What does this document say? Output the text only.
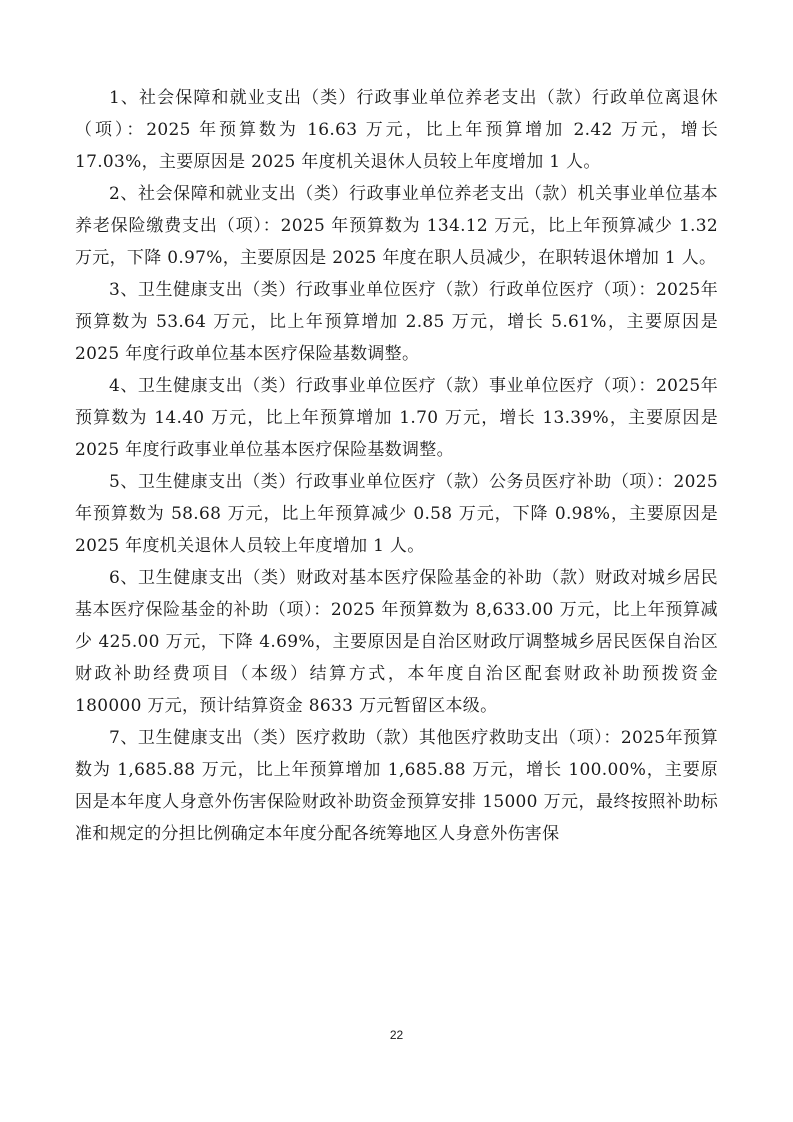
1、社会保障和就业支出（类）行政事业单位养老支出（款）行政单位离退休（项）：2025 年预算数为 16.63 万元，比上年预算增加 2.42 万元，增长17.03%，主要原因是 2025 年度机关退休人员较上年度增加 1 人。

2、社会保障和就业支出（类）行政事业单位养老支出（款）机关事业单位基本养老保险缴费支出（项）：2025 年预算数为 134.12 万元，比上年预算减少 1.32 万元，下降 0.97%，主要原因是 2025 年度在职人员减少，在职转退休增加 1 人。

3、卫生健康支出（类）行政事业单位医疗（款）行政单位医疗（项）：2025年预算数为 53.64 万元，比上年预算增加 2.85 万元，增长 5.61%，主要原因是2025 年度行政单位基本医疗保险基数调整。

4、卫生健康支出（类）行政事业单位医疗（款）事业单位医疗（项）：2025年预算数为 14.40 万元，比上年预算增加 1.70 万元，增长 13.39%，主要原因是 2025 年度行政事业单位基本医疗保险基数调整。

5、卫生健康支出（类）行政事业单位医疗（款）公务员医疗补助（项）：2025 年预算数为 58.68 万元，比上年预算减少 0.58 万元，下降 0.98%，主要原因是 2025 年度机关退休人员较上年度增加 1 人。

6、卫生健康支出（类）财政对基本医疗保险基金的补助（款）财政对城乡居民基本医疗保险基金的补助（项）：2025 年预算数为 8,633.00 万元，比上年预算减少 425.00 万元，下降 4.69%，主要原因是自治区财政厅调整城乡居民医保自治区财政补助经费项目（本级）结算方式，本年度自治区配套财政补助预拨资金 180000 万元，预计结算资金 8633 万元暂留区本级。

7、卫生健康支出（类）医疗救助（款）其他医疗救助支出（项）：2025年预算数为 1,685.88 万元，比上年预算增加 1,685.88 万元，增长 100.00%，主要原因是本年度人身意外伤害保险财政补助资金预算安排 15000 万元，最终按照补助标准和规定的分担比例确定本年度分配各统筹地区人身意外伤害保

22
